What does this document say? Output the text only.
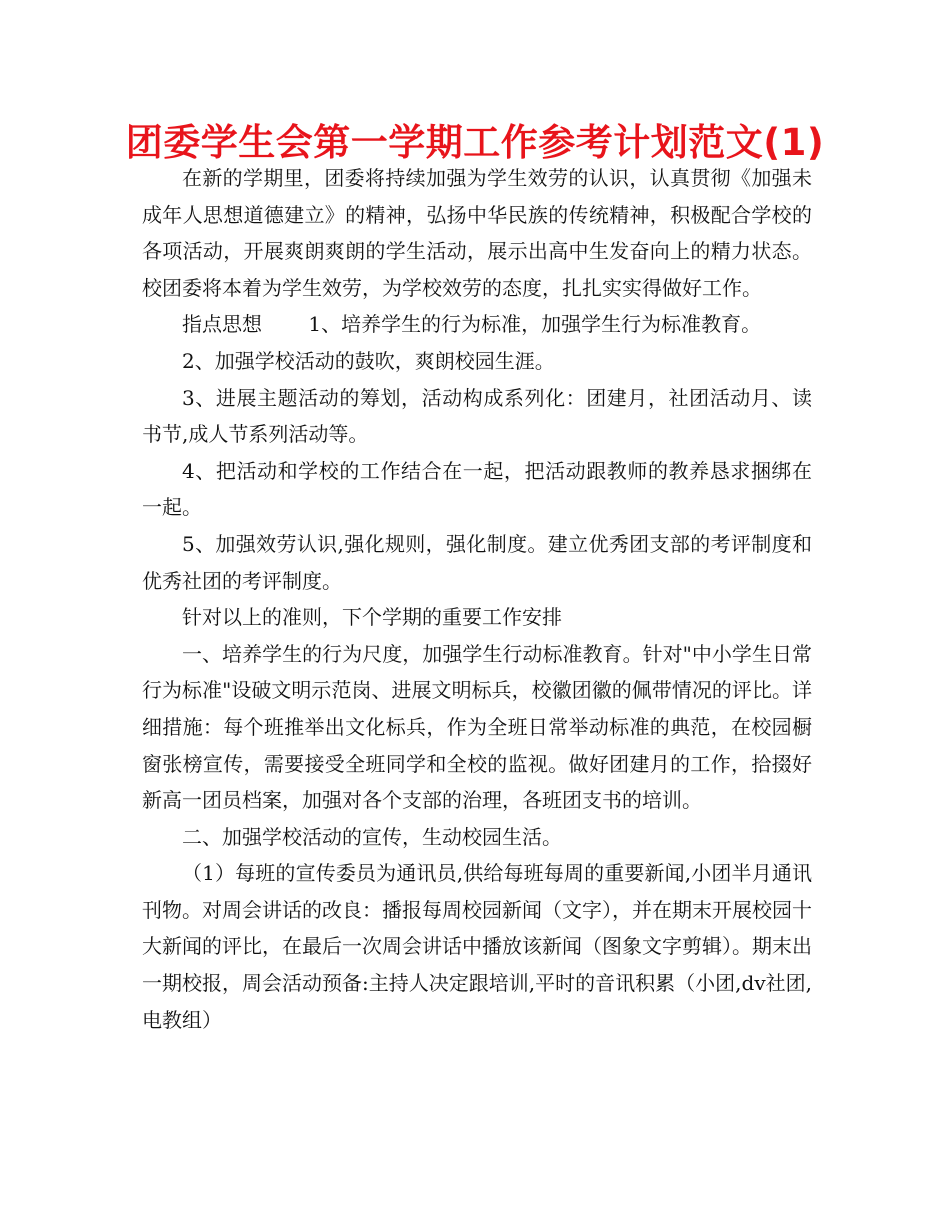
团委学生会第一学期工作参考计划范文(1)

在新的学期里，团委将持续加强为学生效劳的认识，认真贯彻《加强未成年人思想道德建立》的精神，弘扬中华民族的传统精神，积极配合学校的各项活动，开展爽朗爽朗的学生活动，展示出高中生发奋向上的精力状态。校团委将本着为学生效劳，为学校效劳的态度，扎扎实实得做好工作。

指点思想　　 1、培养学生的行为标准，加强学生行为标准教育。

2、加强学校活动的鼓吹，爽朗校园生涯。

3、进展主题活动的筹划，活动构成系列化：团建月，社团活动月、读书节,成人节系列活动等。

4、把活动和学校的工作结合在一起，把活动跟教师的教养恳求捆绑在一起。

5、加强效劳认识,强化规则，强化制度。建立优秀团支部的考评制度和优秀社团的考评制度。

针对以上的准则，下个学期的重要工作安排

一、培养学生的行为尺度，加强学生行动标准教育。针对"中小学生日常行为标准"设破文明示范岗、进展文明标兵，校徽团徽的佩带情况的评比。详细措施：每个班推举出文化标兵，作为全班日常举动标准的典范，在校园橱窗张榜宣传，需要接受全班同学和全校的监视。做好团建月的工作，拾掇好新高一团员档案，加强对各个支部的治理，各班团支书的培训。

二、加强学校活动的宣传，生动校园生活。

（1）每班的宣传委员为通讯员,供给每班每周的重要新闻,小团半月通讯刊物。对周会讲话的改良：播报每周校园新闻（文字），并在期末开展校园十大新闻的评比，在最后一次周会讲话中播放该新闻（图象文字剪辑）。期末出一期校报，周会活动预备:主持人决定跟培训,平时的音讯积累（小团,dv社团,电教组）
